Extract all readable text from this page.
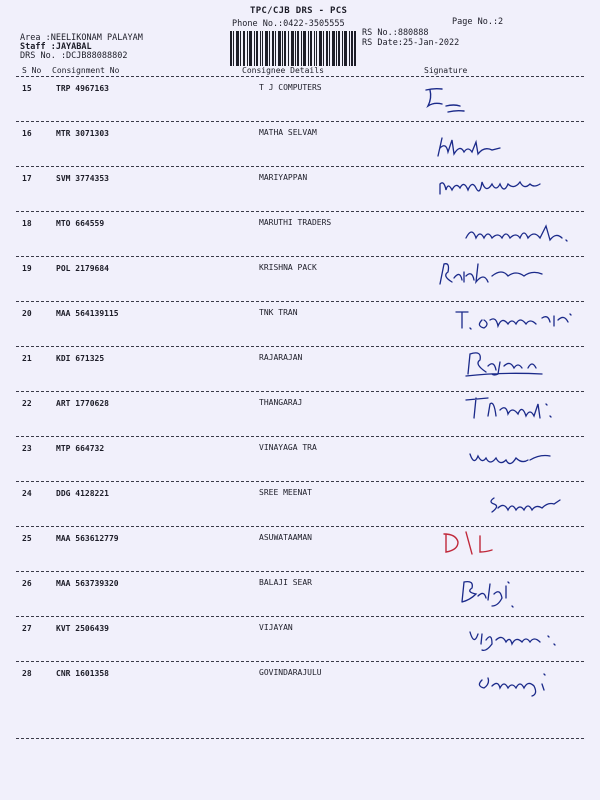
TPC/CJB DRS - PCS
Phone No.:0422-3505555	Page No.:2
RS No.:880888
RS Date:25-Jan-2022
Area :NEELIKONAM PALAYAM
Staff :JAYABAL
DRS No. :DCJB88088802
S No Consignment No	Consignee Details	Signature
15	TRP 4967163	T J COMPUTERS
16	MTR 3071303	MATHA SELVAM
17	SVM 3774353	MARIYAPPAN
18	MTO 664559	MARUTHI TRADERS
19	POL 2179684	KRISHNA PACK
20	MAA 564139115	TNK TRAN
21	KDI 671325	RAJARAJAN
22	ART 1770628	THANGARAJ
23	MTP 664732	VINAYAGA TRA
24	DDG 4128221	SREE MEENAT
25	MAA 563612779	ASUWATAAMAN
26	MAA 563739320	BALAJI SEAR
27	KVT 2506439	VIJAYAN
28	CNR 1601358	GOVINDARAJULU
